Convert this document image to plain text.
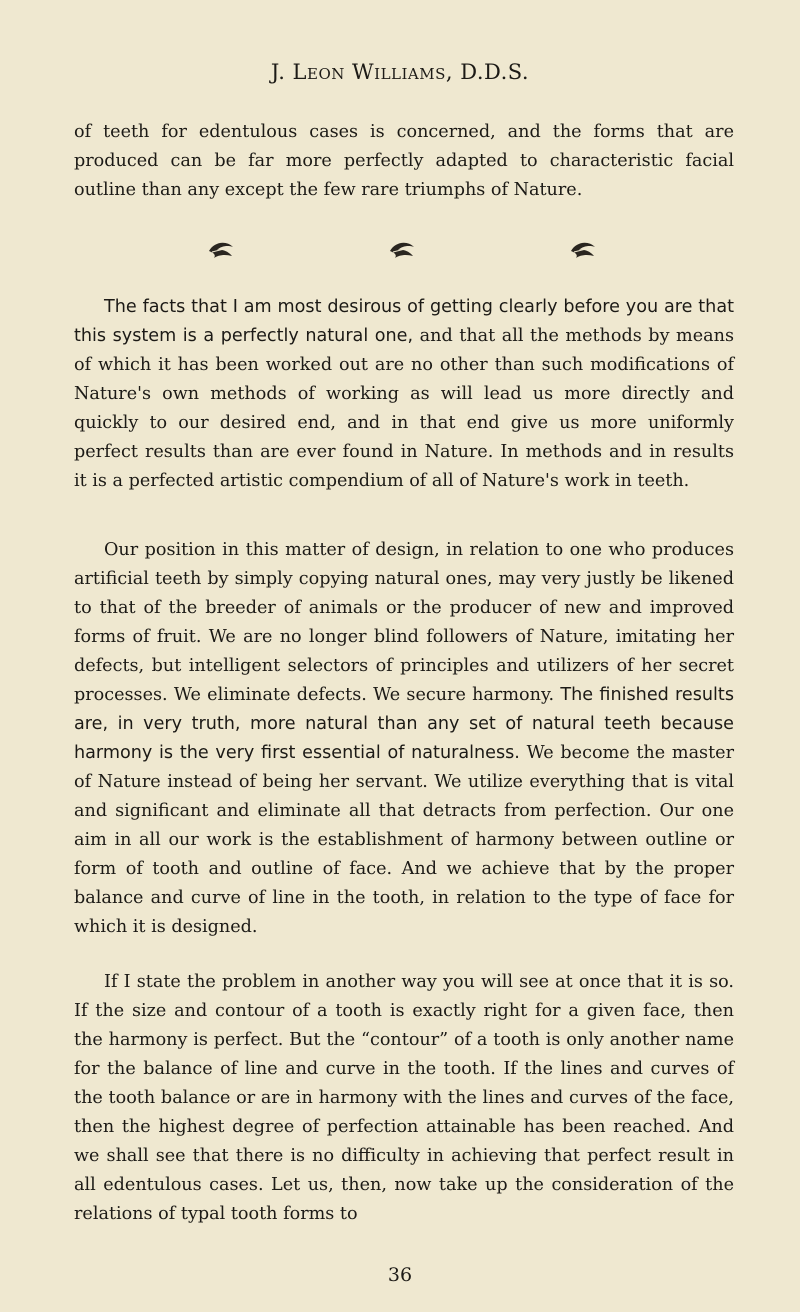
J. Leon Williams, D.D.S.

of teeth for edentulous cases is concerned, and the forms that are produced can be far more perfectly adapted to characteristic facial outline than any except the few rare triumphs of Nature.

The facts that I am most desirous of getting clearly before you are that this system is a perfectly natural one, and that all the methods by means of which it has been worked out are no other than such modifications of Nature's own methods of working as will lead us more directly and quickly to our desired end, and in that end give us more uniformly perfect results than are ever found in Nature. In methods and in results it is a perfected artistic compendium of all of Nature's work in teeth.

Our position in this matter of design, in relation to one who produces artificial teeth by simply copying natural ones, may very justly be likened to that of the breeder of animals or the producer of new and improved forms of fruit. We are no longer blind followers of Nature, imitating her defects, but intelligent selectors of principles and utilizers of her secret processes. We eliminate defects. We secure harmony. The finished results are, in very truth, more natural than any set of natural teeth because harmony is the very first essential of naturalness. We become the master of Nature instead of being her servant. We utilize everything that is vital and significant and eliminate all that detracts from perfection. Our one aim in all our work is the establishment of harmony between outline or form of tooth and outline of face. And we achieve that by the proper balance and curve of line in the tooth, in relation to the type of face for which it is designed.

If I state the problem in another way you will see at once that it is so. If the size and contour of a tooth is exactly right for a given face, then the harmony is perfect. But the “contour” of a tooth is only another name for the balance of line and curve in the tooth. If the lines and curves of the tooth balance or are in harmony with the lines and curves of the face, then the highest degree of perfection attainable has been reached. And we shall see that there is no difficulty in achieving that perfect result in all edentulous cases. Let us, then, now take up the consideration of the relations of typal tooth forms to

36
